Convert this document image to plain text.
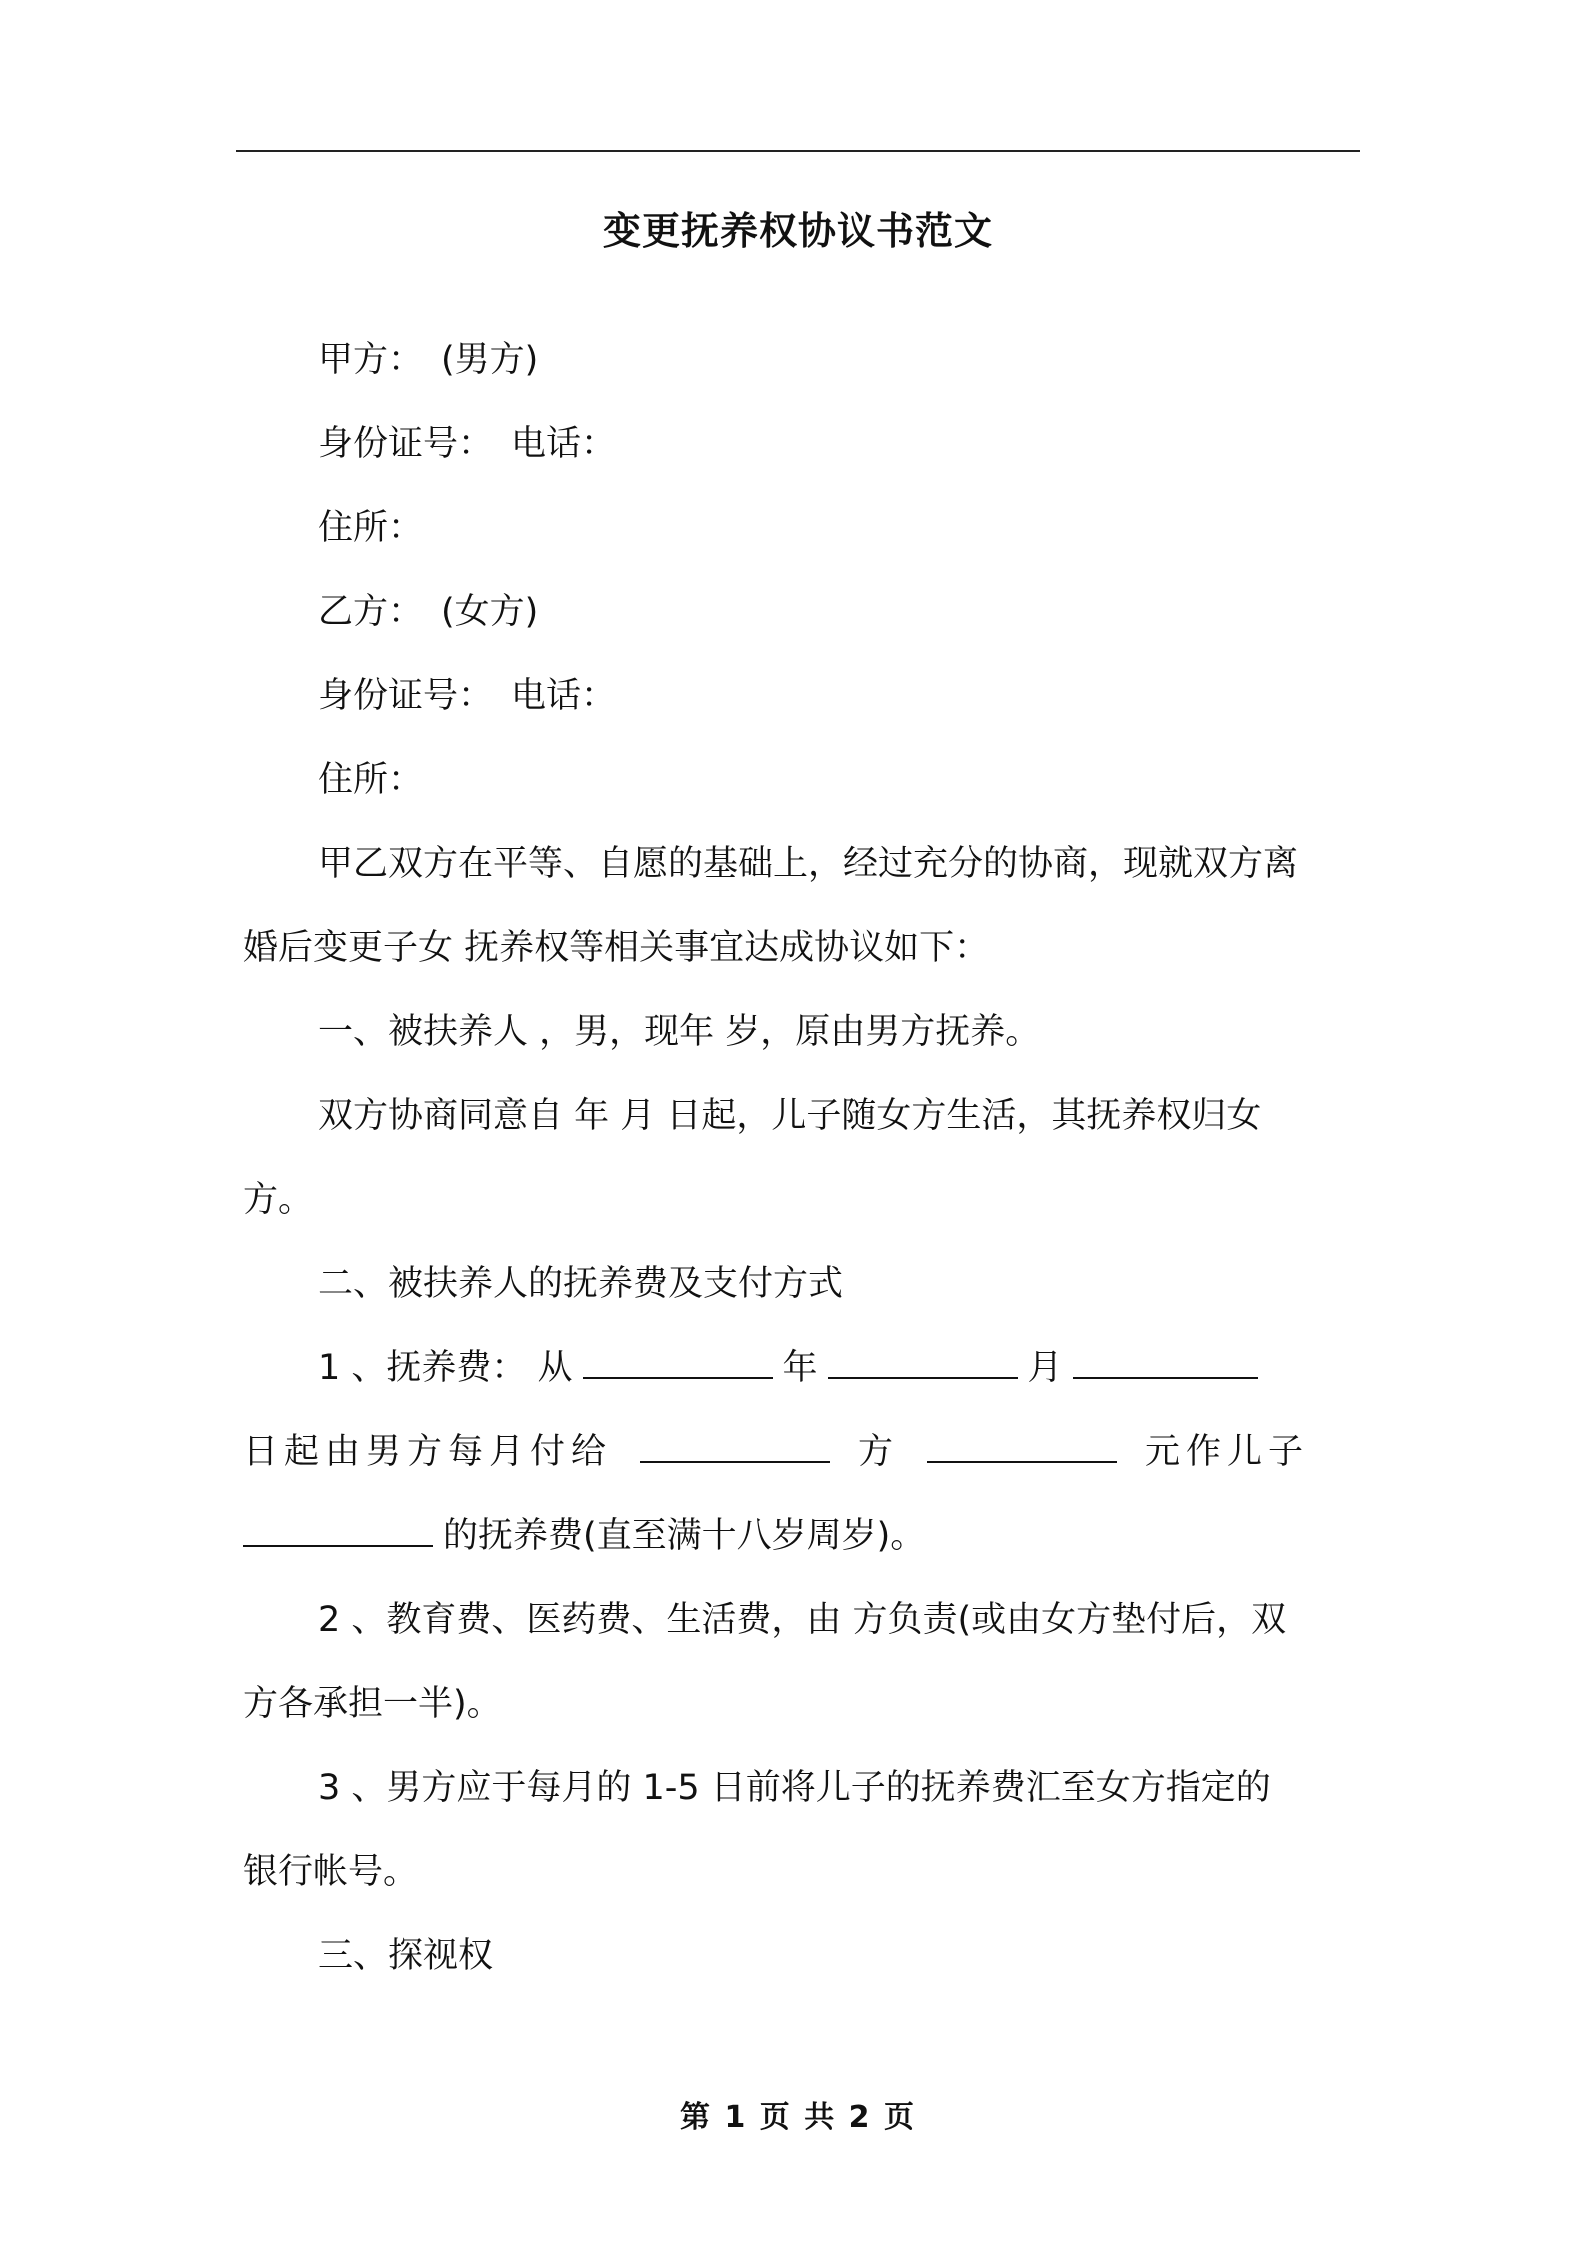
变更抚养权协议书范文
甲方： (男方)
身份证号： 电话：
住所：
乙方： (女方)
身份证号： 电话：
住所：
甲乙双方在平等、自愿的基础上，经过充分的协商，现就双方离
婚后变更子女 抚养权等相关事宜达成协议如下：
一、被扶养人 ，男，现年 岁，原由男方抚养。
双方协商同意自 年 月 日起，儿子随女方生活，其抚养权归女
方。
二、被扶养人的抚养费及支付方式
1 、抚养费： 从	年	月
日起由男方每月付给	方	元作儿子
的抚养费(直至满十八岁周岁)。
2 、教育费、医药费、生活费，由 方负责(或由女方垫付后，双
方各承担一半)。
3 、男方应于每月的 1-5 日前将儿子的抚养费汇至女方指定的
银行帐号。
三、探视权
第 1 页 共 2 页
